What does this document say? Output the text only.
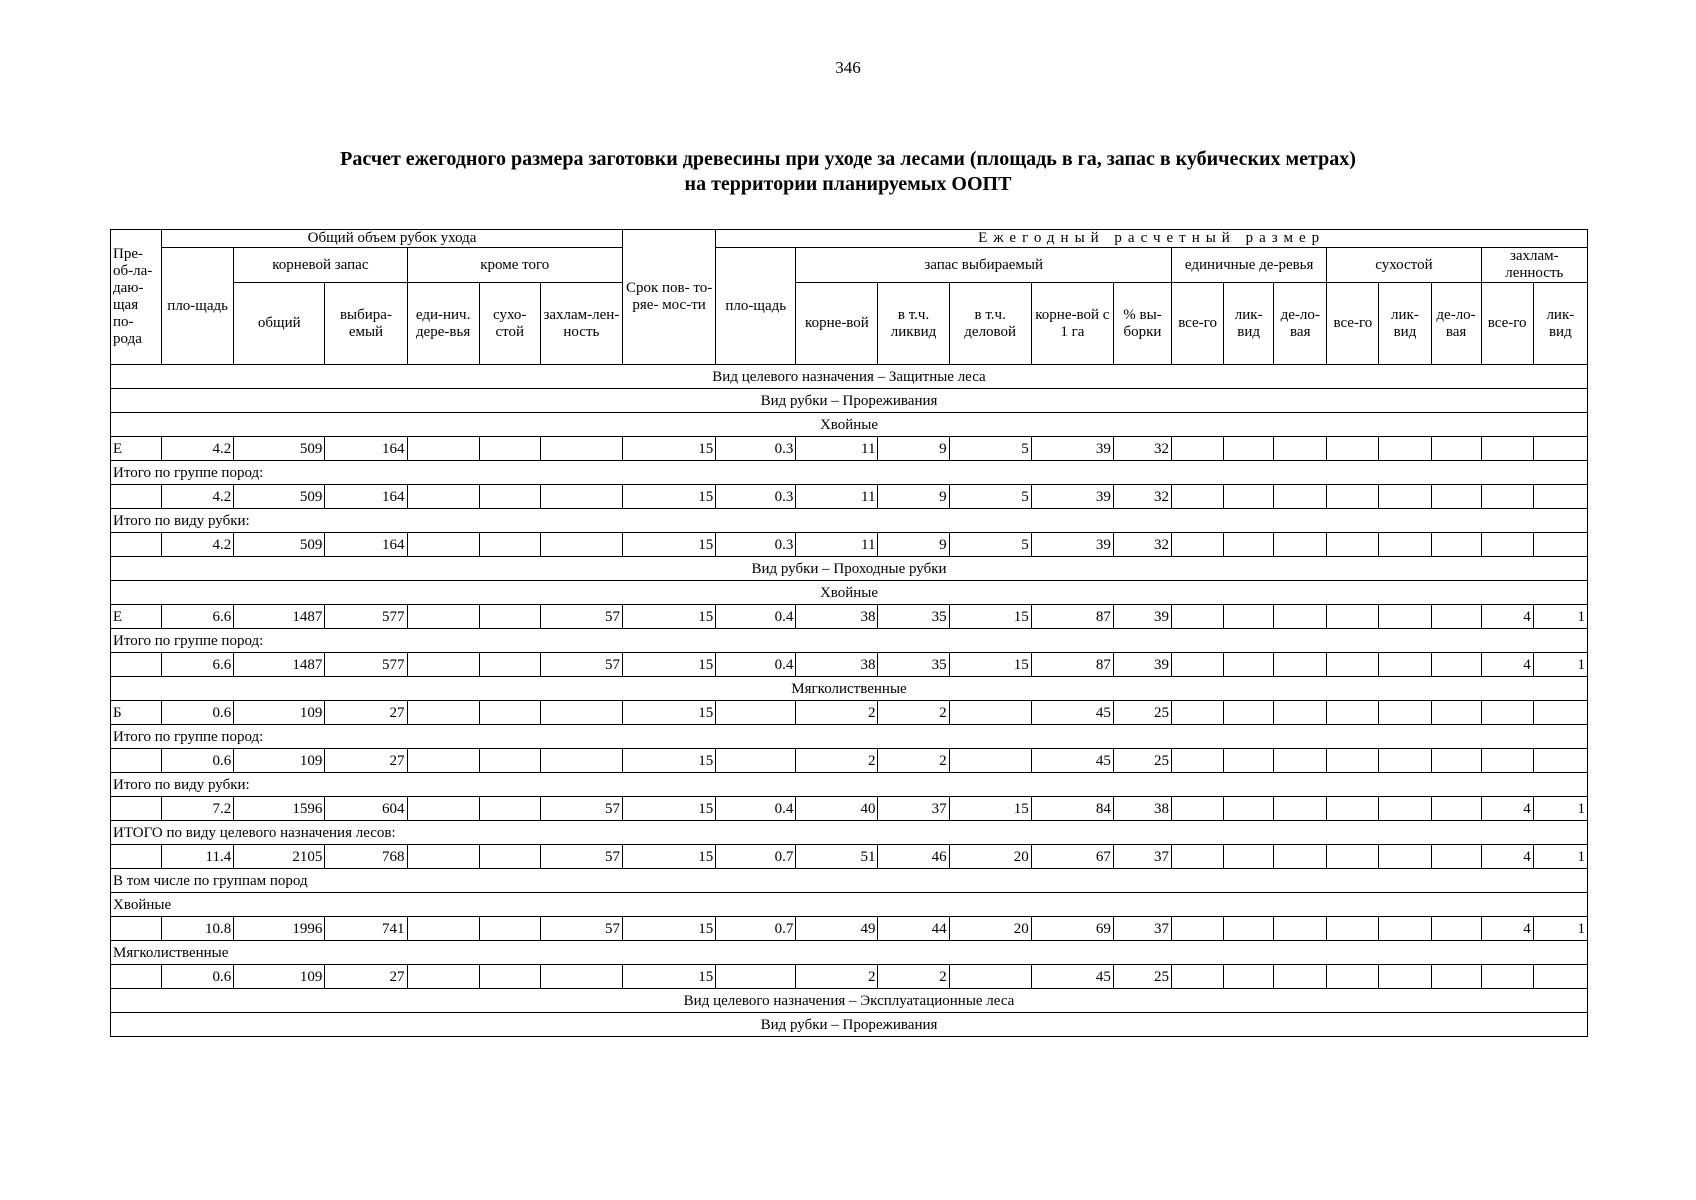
346
Расчет ежегодного размера заготовки древесины при уходе за лесами (площадь в га, запас в кубических метрах)
на территории планируемых ООПТ
Пре-об-ла-даю-щая по-рода	Общий объем рубок ухода						Срок пов- то-ряе- мос-ти	Ежегодный расчетный размер													
	пло-щадь	корневой запас		кроме того				пло-щадь	запас выбираемый					единичные де-ревья			сухостой			захлам-ленность	
		общий	выбира-емый	еди-нич. дере-вья	сухо-стой	захлам-лен-ность			корне-вой	в т.ч. ликвид	в т.ч. деловой	корне-вой с 1 га	% вы-борки	все-го	лик-вид	де-ло-вая	все-го	лик-вид	де-ло-вая	все-го	лик-вид
Вид целевого назначения – Защитные леса																					
Вид рубки – Прореживания																					
Хвойные																					
Е	4.2	509	164				15	0.3	11	9	5	39	32								
Итого по группе пород:																					
	4.2	509	164				15	0.3	11	9	5	39	32								
Итого по виду рубки:																					
	4.2	509	164				15	0.3	11	9	5	39	32								
Вид рубки – Проходные рубки																					
Хвойные																					
Е	6.6	1487	577			57	15	0.4	38	35	15	87	39							4	1
Итого по группе пород:																					
	6.6	1487	577			57	15	0.4	38	35	15	87	39							4	1
Мягколиственные																					
Б	0.6	109	27				15		2	2		45	25								
Итого по группе пород:																					
	0.6	109	27				15		2	2		45	25								
Итого по виду рубки:																					
	7.2	1596	604			57	15	0.4	40	37	15	84	38							4	1
ИТОГО по виду целевого назначения лесов:																					
	11.4	2105	768			57	15	0.7	51	46	20	67	37							4	1
В том числе по группам пород																					
Хвойные																					
	10.8	1996	741			57	15	0.7	49	44	20	69	37							4	1
Мягколиственные																					
	0.6	109	27				15		2	2		45	25								
Вид целевого назначения – Эксплуатационные леса																					
Вид рубки – Прореживания																					
